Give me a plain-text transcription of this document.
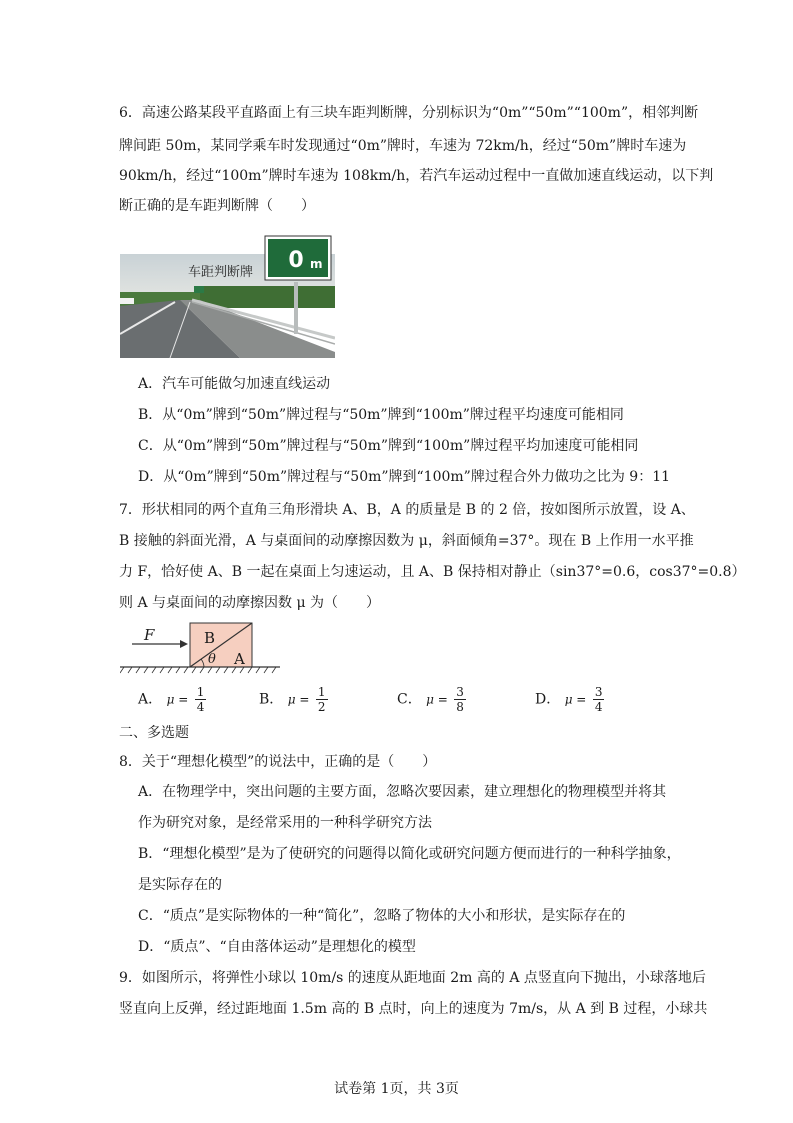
6．高速公路某段平直路面上有三块车距判断牌，分别标识为“0m”“50m”“100m”，相邻判断
牌间距 50m，某同学乘车时发现通过“0m”牌时，车速为 72km/h，经过“50m”牌时车速为
90km/h，经过“100m”牌时车速为 108km/h，若汽车运动过程中一直做加速直线运动，以下判
断正确的是车距判断牌（　　）
0 m
车距判断牌
A．汽车可能做匀加速直线运动
B．从“0m”牌到“50m”牌过程与“50m”牌到“100m”牌过程平均速度可能相同
C．从“0m”牌到“50m”牌过程与“50m”牌到“100m”牌过程平均加速度可能相同
D．从“0m”牌到“50m”牌过程与“50m”牌到“100m”牌过程合外力做功之比为 9：11
7．形状相同的两个直角三角形滑块 A、B，A 的质量是 B 的 2 倍，按如图所示放置，设 A、
B 接触的斜面光滑，A 与桌面间的动摩擦因数为 μ，斜面倾角=37°。现在 B 上作用一水平推
力 F，恰好使 A、B 一起在桌面上匀速运动，且 A、B 保持相对静止（sin37°=0.6，cos37°=0.8）
则 A 与桌面间的动摩擦因数 μ 为（　　）
F	B
A
θ
A． $\mu = \frac{1}{4}$	B． $\mu = \frac{1}{2}$	C． $\mu = \frac{3}{8}$	D． $\mu = \frac{3}{4}$
二、多选题
8．关于“理想化模型”的说法中，正确的是（　　）
A．在物理学中，突出问题的主要方面，忽略次要因素，建立理想化的物理模型并将其
作为研究对象，是经常采用的一种科学研究方法
B．“理想化模型”是为了使研究的问题得以简化或研究问题方便而进行的一种科学抽象，
是实际存在的
C．“质点”是实际物体的一种“简化”，忽略了物体的大小和形状，是实际存在的
D．“质点”、“自由落体运动”是理想化的模型
9．如图所示，将弹性小球以 10m/s 的速度从距地面 2m 高的 A 点竖直向下抛出，小球落地后
竖直向上反弹，经过距地面 1.5m 高的 B 点时，向上的速度为 7m/s，从 A 到 B 过程，小球共
试卷第 1页，共 3页
